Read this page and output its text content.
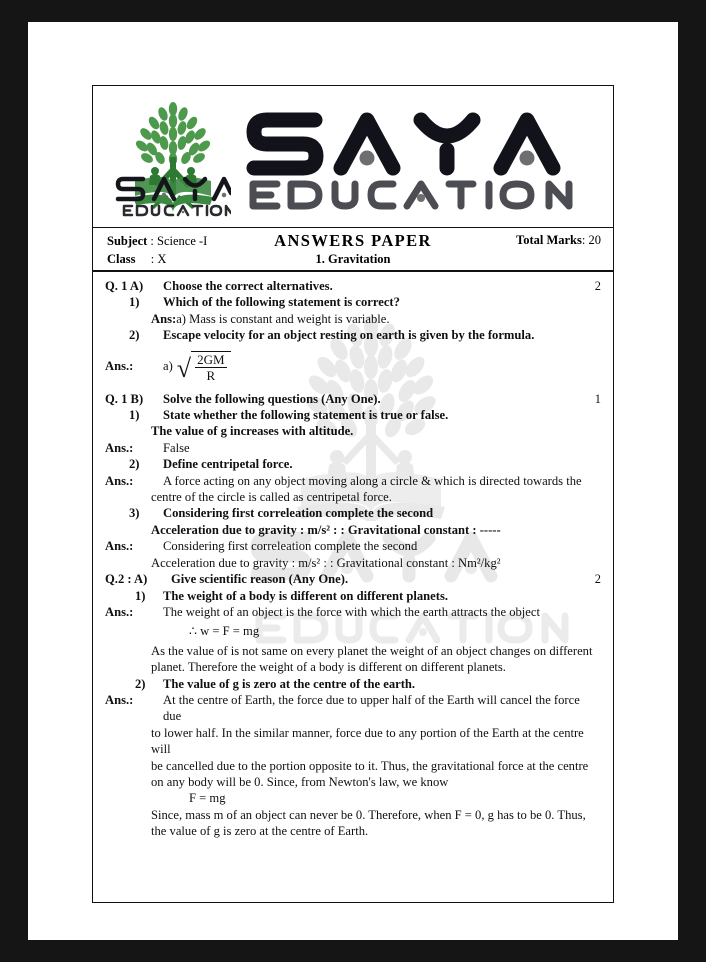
Subject : Science -I
Class : X
ANSWERS PAPER
1. Gravitation
Total Marks: 20
Q. 1 A)	Choose the correct alternatives.	2
1)	Which of the following statement is correct?
Ans: a) Mass is constant and weight is variable.
2)	Escape velocity for an object resting on earth is given by the formula.
Ans.:	a) √ $\frac{2GM}{R}$
Q. 1 B)	Solve the following questions (Any One).	1
1)	State whether the following statement is true or false.
The value of g increases with altitude.
Ans.:	False
2)	Define centripetal force.
Ans.:	A force acting on any object moving along a circle & which is directed towards the
centre of the circle is called as centripetal force.
3)	Considering first correleation complete the second
Acceleration due to gravity : m/s² : : Gravitational constant : -----
Ans.:	Considering first correleation complete the second
Acceleration due to gravity : m/s² : : Gravitational constant : Nm²/kg²
Q.2 : A)	Give scientific reason (Any One).	2
1)	The weight of a body is different on different planets.
Ans.:	The weight of an object is the force with which the earth attracts the object
∴ w = F = mg
As the value of is not same on every planet the weight of an object changes on different
planet. Therefore the weight of a body is different on different planets.
2)	The value of g is zero at the centre of the earth.
Ans.:	At the centre of Earth, the force due to upper half of the Earth will cancel the force due
to lower half. In the similar manner, force due to any portion of the Earth at the centre will
be cancelled due to the portion opposite to it. Thus, the gravitational force at the centre
on any body will be 0. Since, from Newton's law, we know
F = mg
Since, mass m of an object can never be 0. Therefore, when F = 0, g has to be 0. Thus,
the value of g is zero at the centre of Earth.
